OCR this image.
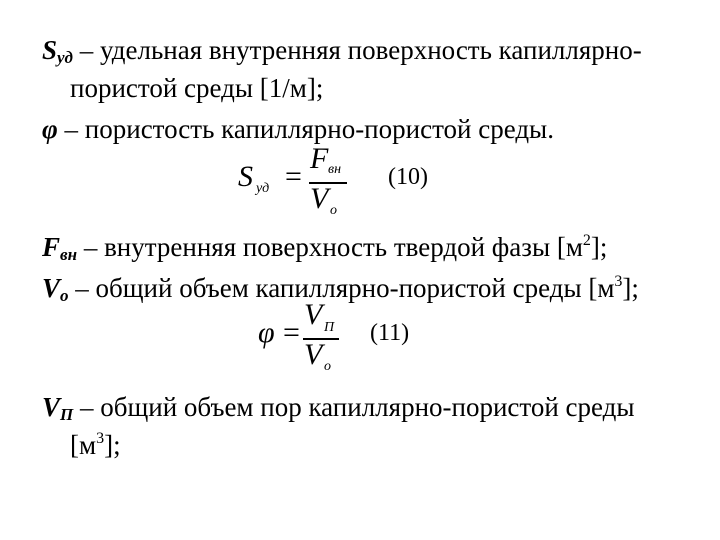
$S_{уд}$ – удельная внутренняя поверхность капиллярно-
пористой среды [1/м];
φ – пористость капиллярно-пористой среды.
S уд =
F вн
V о
(10)
$F_{вн}$ – внутренняя поверхность твердой фазы $[м^2]$;
$V_о$ – общий объем капиллярно-пористой среды $[м^3]$;
φ =
V П
V о
(11)
$V_П$ – общий объем пор капиллярно-пористой среды
$[м^3]$;
